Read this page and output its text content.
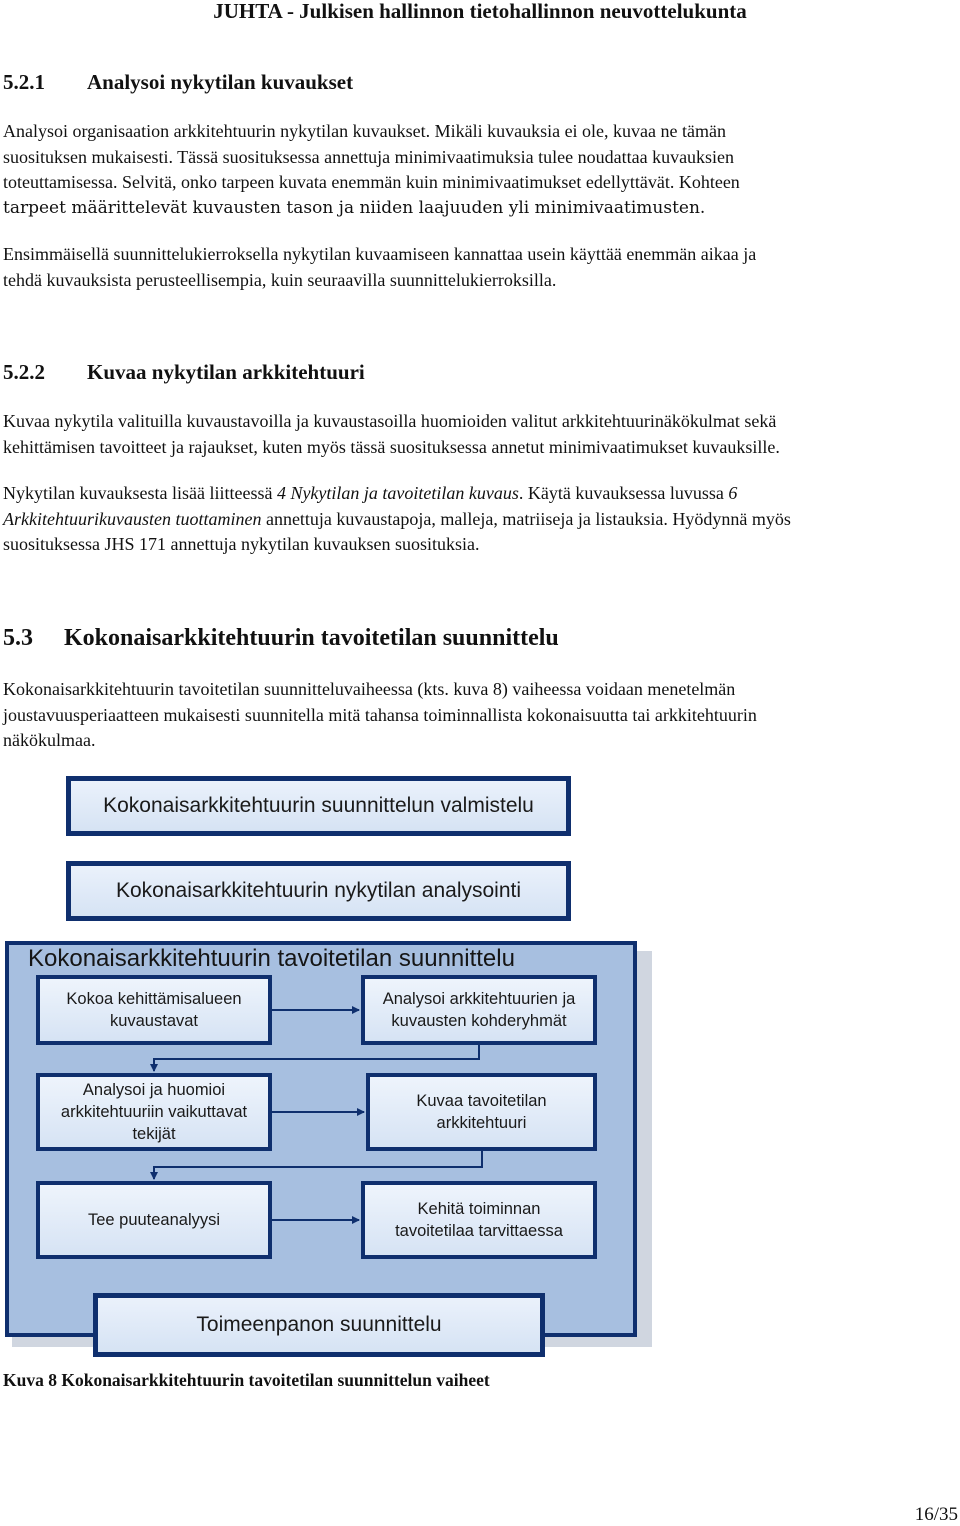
JUHTA - Julkisen hallinnon tietohallinnon neuvottelukunta
5.2.1 Analysoi nykytilan kuvaukset
Analysoi organisaation arkkitehtuurin nykytilan kuvaukset. Mikäli kuvauksia ei ole, kuvaa ne tämän
suosituksen mukaisesti. Tässä suosituksessa annettuja minimivaatimuksia tulee noudattaa kuvauksien
toteuttamisessa. Selvitä, onko tarpeen kuvata enemmän kuin minimivaatimukset edellyttävät. Kohteen
tarpeet määrittelevät kuvausten tason ja niiden laajuuden yli minimivaatimusten.
Ensimmäisellä suunnittelukierroksella nykytilan kuvaamiseen kannattaa usein käyttää enemmän aikaa ja
tehdä kuvauksista perusteellisempia, kuin seuraavilla suunnittelukierroksilla.
5.2.2 Kuvaa nykytilan arkkitehtuuri
Kuvaa nykytila valituilla kuvaustavoilla ja kuvaustasoilla huomioiden valitut arkkitehtuurinäkökulmat sekä
kehittämisen tavoitteet ja rajaukset, kuten myös tässä suosituksessa annetut minimivaatimukset kuvauksille.
Nykytilan kuvauksesta lisää liitteessä 4 Nykytilan ja tavoitetilan kuvaus. Käytä kuvauksessa luvussa 6
Arkkitehtuurikuvausten tuottaminen annettuja kuvaustapoja, malleja, matriiseja ja listauksia. Hyödynnä myös
suosituksessa JHS 171 annettuja nykytilan kuvauksen suosituksia.
5.3 Kokonaisarkkitehtuurin tavoitetilan suunnittelu
Kokonaisarkkitehtuurin tavoitetilan suunnitteluvaiheessa (kts. kuva 8) vaiheessa voidaan menetelmän
joustavuusperiaatteen mukaisesti suunnitella mitä tahansa toiminnallista kokonaisuutta tai arkkitehtuurin
näkökulmaa.
Kokonaisarkkitehtuurin suunnittelun valmistelu
Kokonaisarkkitehtuurin nykytilan analysointi
Kokonaisarkkitehtuurin tavoitetilan suunnittelu
Kokoa kehittämisalueen
kuvaustavat
Analysoi arkkitehtuurien ja
kuvausten kohderyhmät
Analysoi ja huomioi
arkkitehtuuriin vaikuttavat
tekijät
Kuvaa tavoitetilan
arkkitehtuuri
Tee puuteanalyysi
Kehitä toiminnan
tavoitetilaa tarvittaessa
Toimeenpanon suunnittelu
Kuva 8 Kokonaisarkkitehtuurin tavoitetilan suunnittelun vaiheet
16/35
